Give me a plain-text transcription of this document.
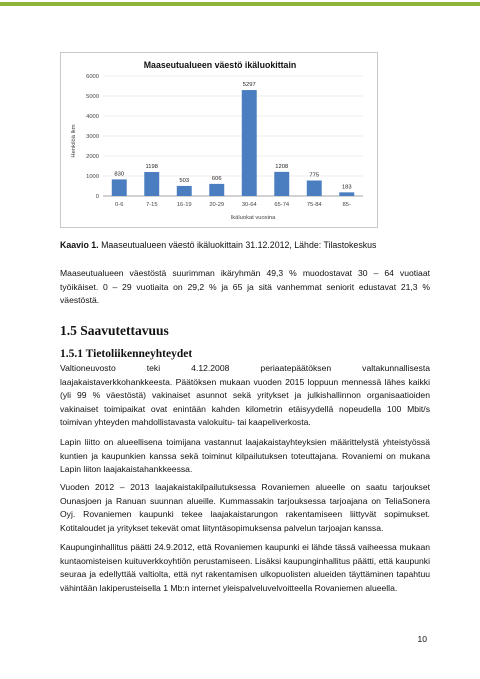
Maaseutualueen väestö ikäluokittain
0
1000
2000
3000
4000
5000
6000
830
1198
503	606
5297
1208
775
183
0-6	7-15	16-19	20-29	30-64	65-74	75-84	85-
Ikäluokat vuosina
Henkilöä lkm
Kaavio 1. Maaseutualueen väestö ikäluokittain 31.12.2012, Lähde: Tilastokeskus

Maaseutualueen väestöstä suurimman ikäryhmän 49,3 % muodostavat 30 – 64 vuotiaat työikäiset. 0 – 29 vuotiaita on 29,2 % ja 65 ja sitä vanhemmat seniorit edustavat 21,3 % väestöstä.

1.5 Saavutettavuus
1.5.1 Tietoliikenneyhteydet

Valtioneuvosto teki 4.12.2008 periaatepäätöksen valtakunnallisesta laajakaistaverkkohankkeesta. Päätöksen mukaan vuoden 2015 loppuun mennessä lähes kaikki (yli 99 % väestöstä) vakinaiset asunnot sekä yritykset ja julkishallinnon organisaatioiden vakinaiset toimipaikat ovat enintään kahden kilometrin etäisyydellä nopeudella 100 Mbit/s toimivan yhteyden mahdollistavasta valokuitu- tai kaapeliverkosta.

Lapin liitto on alueellisena toimijana vastannut laajakaistayhteyksien määrittelystä yhteistyössä kuntien ja kaupunkien kanssa sekä toiminut kilpailutuksen toteuttajana. Rovaniemi on mukana Lapin liiton laajakaistahankkeessa.

Vuoden 2012 – 2013 laajakaistakilpailutuksessa Rovaniemen alueelle on saatu tarjoukset Ounasjoen ja Ranuan suunnan alueille. Kummassakin tarjouksessa tarjoajana on TeliaSonera Oyj. Rovaniemen kaupunki tekee laajakaistarungon rakentamiseen liittyvät sopimukset. Kotitaloudet ja yritykset tekevät omat liityntäsopimuksensa palvelun tarjoajan kanssa.

Kaupunginhallitus päätti 24.9.2012, että Rovaniemen kaupunki ei lähde tässä vaiheessa mukaan kuntaomisteisen kuituverkkoyhtiön perustamiseen. Lisäksi kaupunginhallitus päätti, että kaupunki seuraa ja edellyttää valtiolta, että nyt rakentamisen ulkopuolisten alueiden täyttäminen tapahtuu vähintään lakiperusteisella 1 Mb:n internet yleispalveluvelvoitteella Rovaniemen alueella.

10
